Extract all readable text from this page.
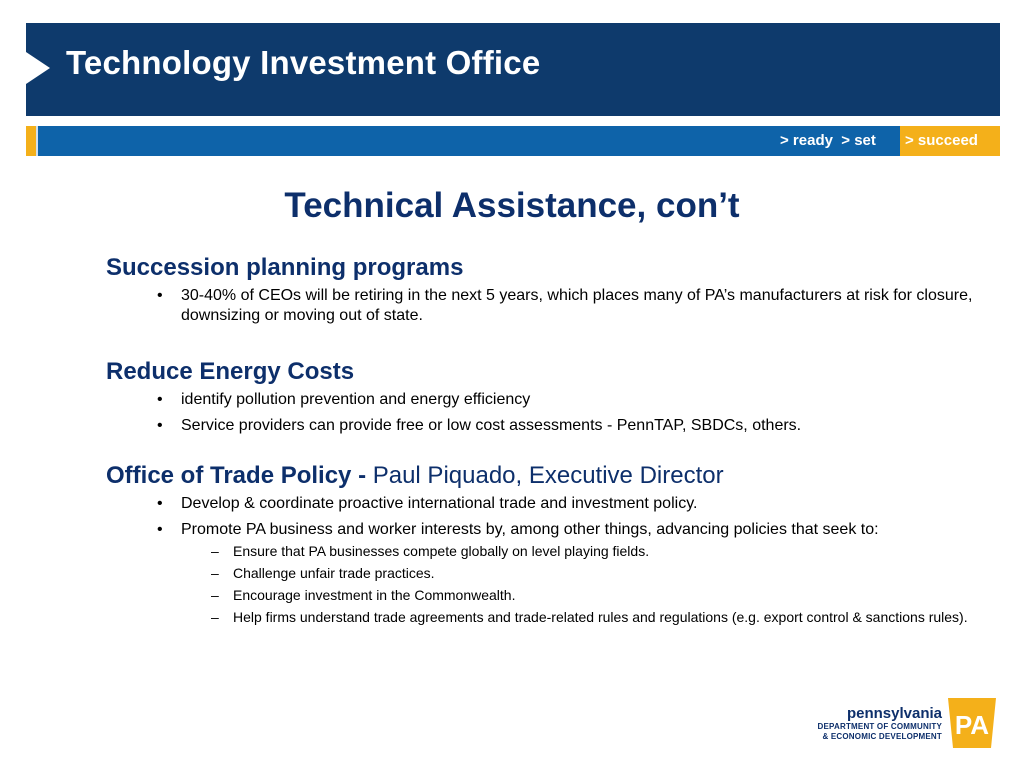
Technology Investment Office
> ready  > set > succeed
Technical Assistance, con’t

Succession planning programs

• 30-40% of CEOs will be retiring in the next 5 years, which places many of PA’s manufacturers at risk for closure, downsizing or moving out of state.

Reduce Energy Costs

• identify pollution prevention and energy efficiency
• Service providers can provide free or low cost assessments - PennTAP, SBDCs, others.

Office of Trade Policy - Paul Piquado, Executive Director

• Develop & coordinate proactive international trade and investment policy.
• Promote PA business and worker interests by, among other things, advancing policies that seek to:
– Ensure that PA businesses compete globally on level playing fields.
– Challenge unfair trade practices.
– Encourage investment in the Commonwealth.
– Help firms understand trade agreements and trade-related rules and regulations (e.g. export control & sanctions rules).
pennsylvania
DEPARTMENT OF COMMUNITY
& ECONOMIC DEVELOPMENT PA
